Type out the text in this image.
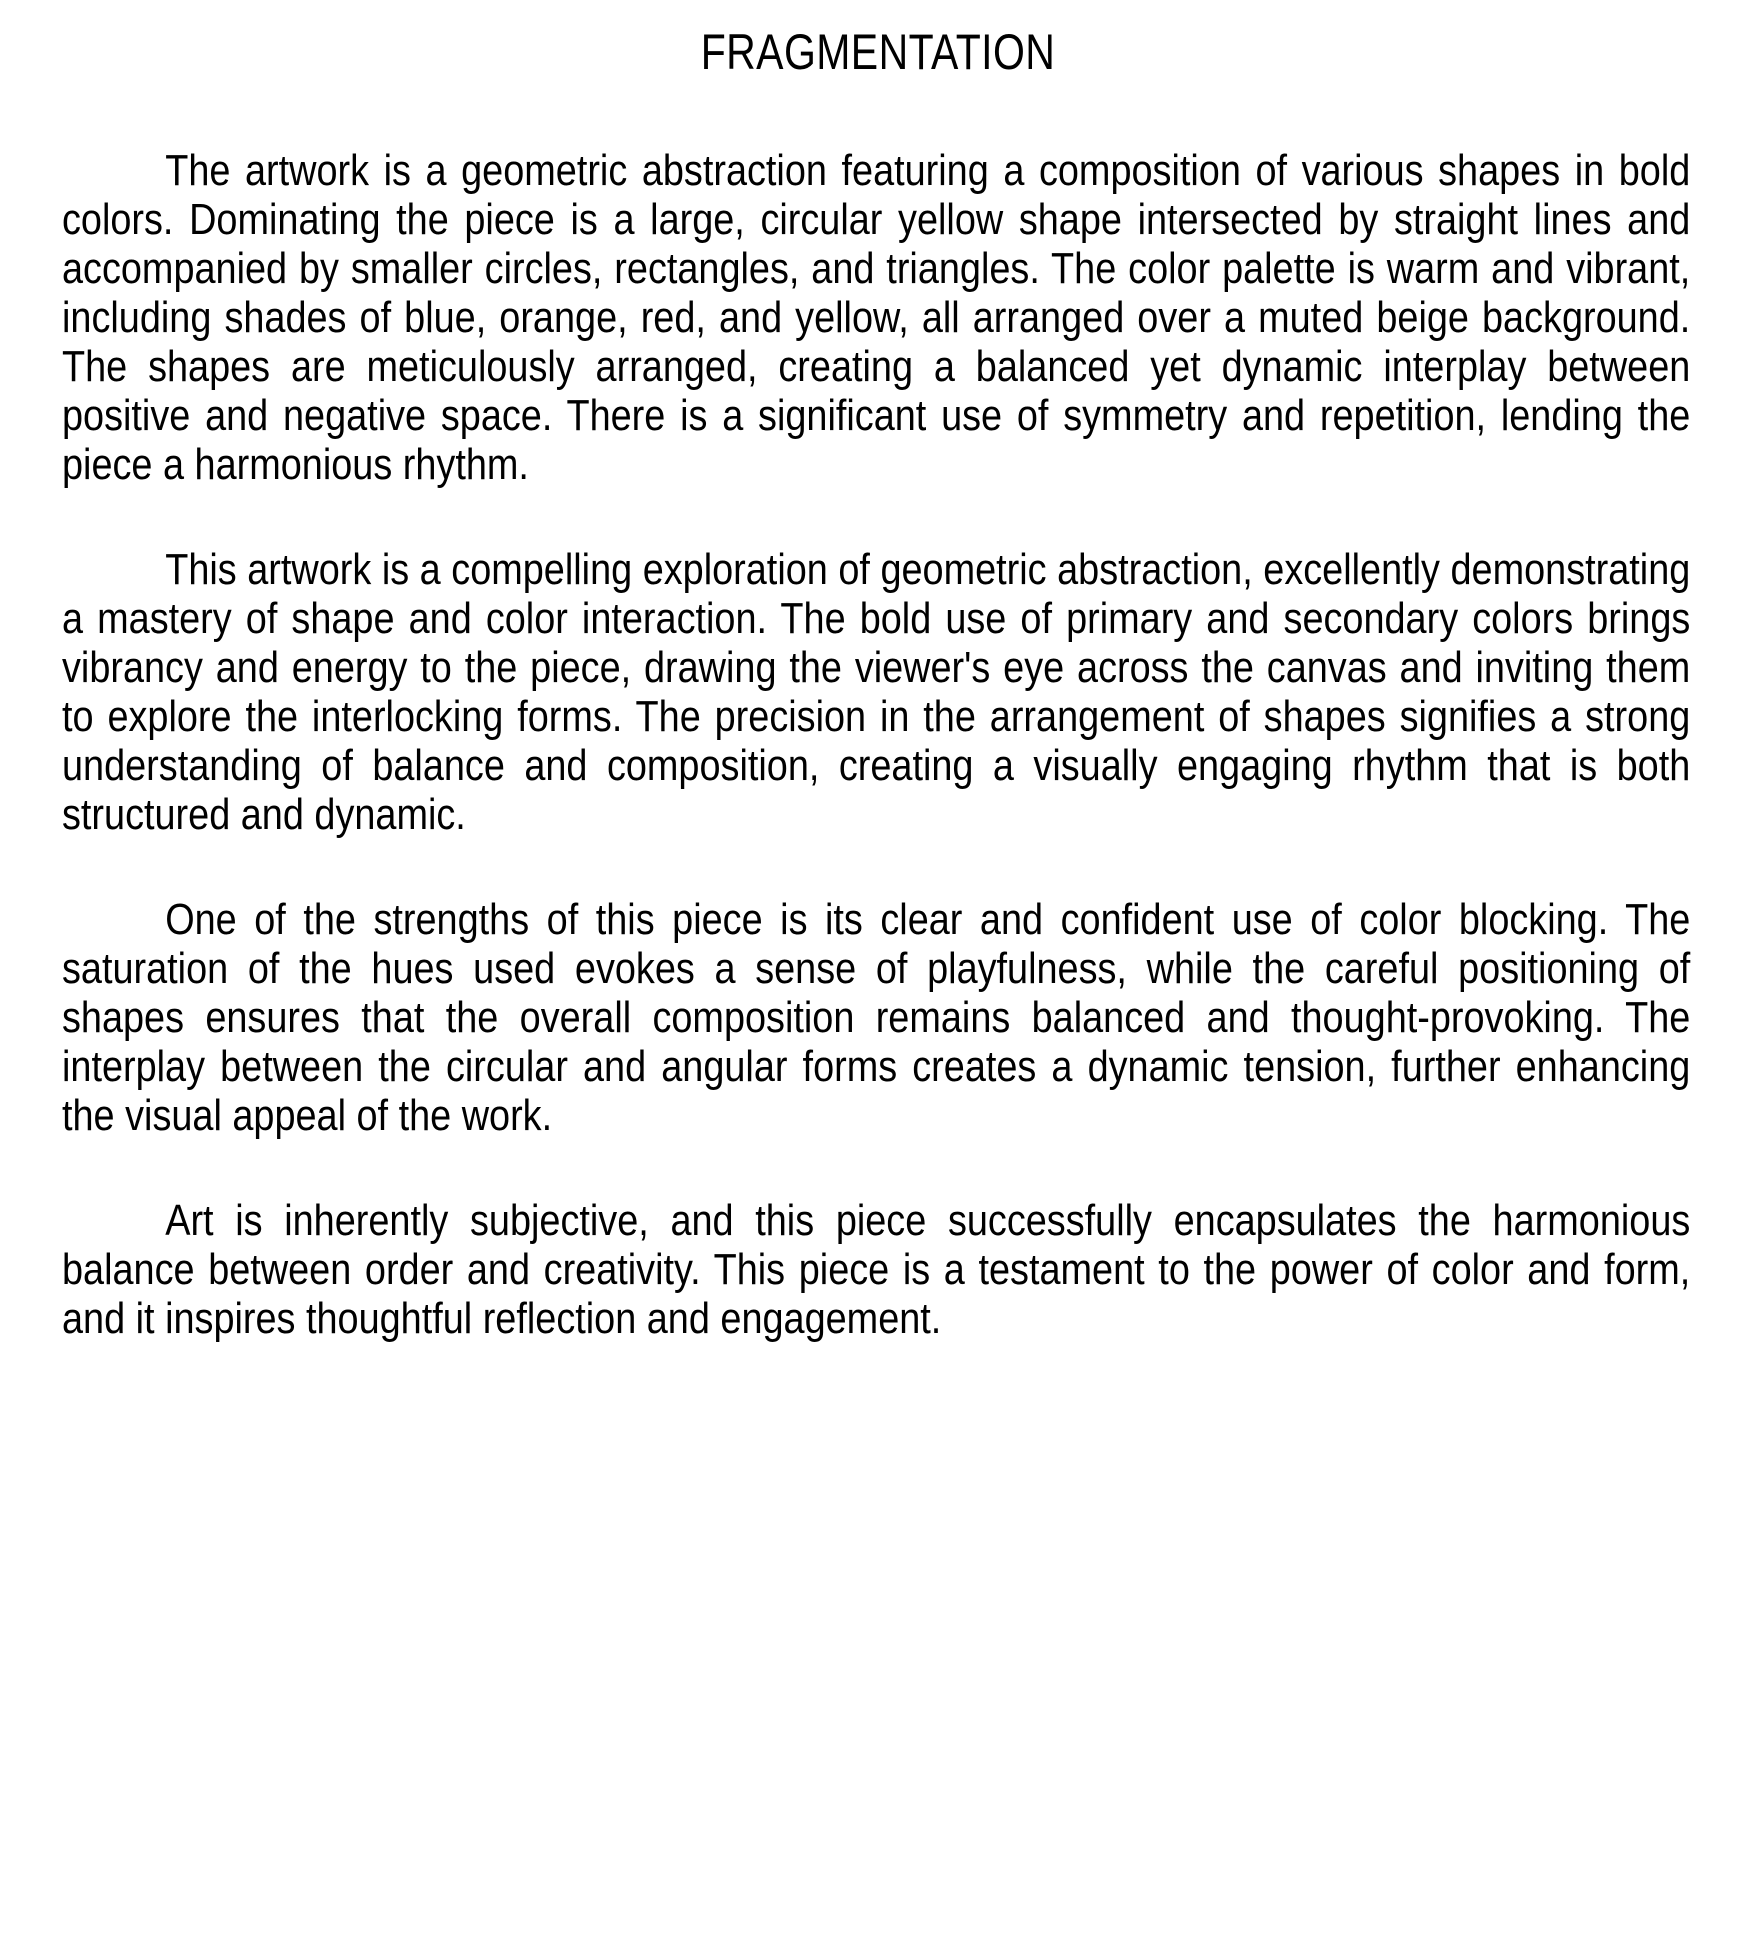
FRAGMENTATION

The artwork is a geometric abstraction featuring a composition of various shapes in bold colors. Dominating the piece is a large, circular yellow shape intersected by straight lines and accompanied by smaller circles, rectangles, and triangles. The color palette is warm and vibrant, including shades of blue, orange, red, and yellow, all arranged over a muted beige background. The shapes are meticulously arranged, creating a balanced yet dynamic interplay between positive and negative space. There is a significant use of symmetry and repetition, lending the piece a harmonious rhythm.

This artwork is a compelling exploration of geometric abstraction, excellently demonstrating a mastery of shape and color interaction. The bold use of primary and secondary colors brings vibrancy and energy to the piece, drawing the viewer's eye across the canvas and inviting them to explore the interlocking forms. The precision in the arrangement of shapes signifies a strong understanding of balance and composition, creating a visually engaging rhythm that is both structured and dynamic.

One of the strengths of this piece is its clear and confident use of color blocking. The saturation of the hues used evokes a sense of playfulness, while the careful positioning of shapes ensures that the overall composition remains balanced and thought-provoking. The interplay between the circular and angular forms creates a dynamic tension, further enhancing the visual appeal of the work.

Art is inherently subjective, and this piece successfully encapsulates the harmonious balance between order and creativity. This piece is a testament to the power of color and form, and it inspires thoughtful reflection and engagement.
